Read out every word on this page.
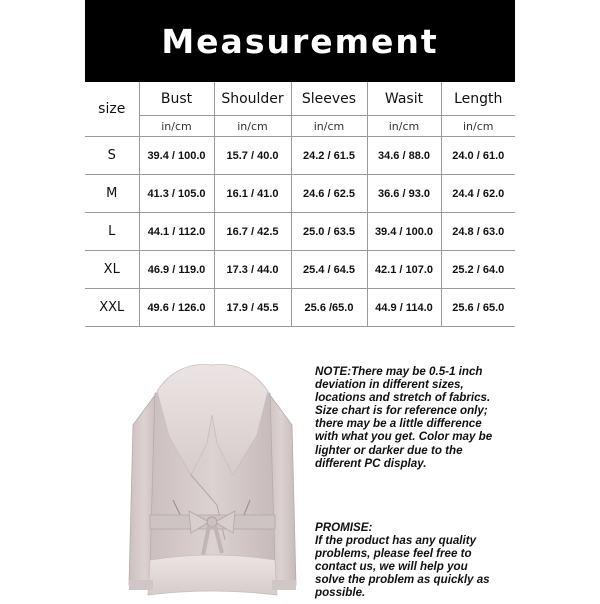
Measurement
size	Bust	Shoulder	Sleeves	Wasit	Length
	in/cm	in/cm	in/cm	in/cm	in/cm
S	39.4 / 100.0	15.7 / 40.0	24.2 / 61.5	34.6 / 88.0	24.0 / 61.0
M	41.3 / 105.0	16.1 / 41.0	24.6 / 62.5	36.6 / 93.0	24.4 / 62.0
L	44.1 / 112.0	16.7 / 42.5	25.0 / 63.5	39.4 / 100.0	24.8 / 63.0
XL	46.9 / 119.0	17.3 / 44.0	25.4 / 64.5	42.1 / 107.0	25.2 / 64.0
XXL	49.6 / 126.0	17.9 / 45.5	25.6 /65.0	44.9 / 114.0	25.6 / 65.0
NOTE:There may be 0.5-1 inch deviation in different sizes, locations and stretch of fabrics. Size chart is for reference only; there may be a little difference with what you get. Color may be lighter or darker due to the different PC display.
PROMISE:
If the product has any quality problems, please feel free to contact us, we will help you solve the problem as quickly as possible.
